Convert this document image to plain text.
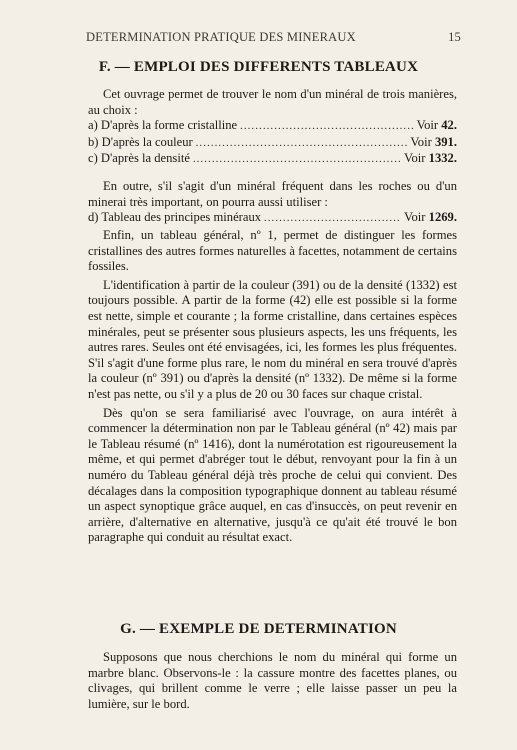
DETERMINATION PRATIQUE DES MINERAUX	15
F. — EMPLOI DES DIFFERENTS TABLEAUX

Cet ouvrage permet de trouver le nom d'un minéral de trois manières, au choix :

a) D'après la forme cristalline . . .	Voir 42.
b) D'après la couleur . . .	Voir 391.
c) D'après la densité . . .	Voir 1332.

En outre, s'il s'agit d'un minéral fréquent dans les roches ou d'un minerai très important, on pourra aussi utiliser :

d) Tableau des principes minéraux . . .	Voir 1269.

Enfin, un tableau général, nº 1, permet de distinguer les formes cristallines des autres formes naturelles à facettes, notamment de certains fossiles.

L'identification à partir de la couleur (391) ou de la densité (1332) est toujours possible. A partir de la forme (42) elle est possible si la forme est nette, simple et courante ; la forme cristalline, dans certaines espèces minérales, peut se présenter sous plusieurs aspects, les uns fréquents, les autres rares. Seules ont été envisagées, ici, les formes les plus fréquentes. S'il s'agit d'une forme plus rare, le nom du minéral en sera trouvé d'après la couleur (nº 391) ou d'après la densité (nº 1332). De même si la forme n'est pas nette, ou s'il y a plus de 20 ou 30 faces sur chaque cristal.

Dès qu'on se sera familiarisé avec l'ouvrage, on aura intérêt à commencer la détermination non par le Tableau général (nº 42) mais par le Tableau résumé (nº 1416), dont la numérotation est rigoureusement la même, et qui permet d'abréger tout le début, renvoyant pour la fin à un numéro du Tableau général déjà très proche de celui qui convient. Des décalages dans la composition typographique donnent au tableau résumé un aspect synoptique grâce auquel, en cas d'insuccès, on peut revenir en arrière, d'alternative en alternative, jusqu'à ce qu'ait été trouvé le bon paragraphe qui conduit au résultat exact.

G. — EXEMPLE DE DETERMINATION

Supposons que nous cherchions le nom du minéral qui forme un marbre blanc. Observons-le : la cassure montre des facettes planes, ou clivages, qui brillent comme le verre ; elle laisse passer un peu la lumière, sur le bord.
